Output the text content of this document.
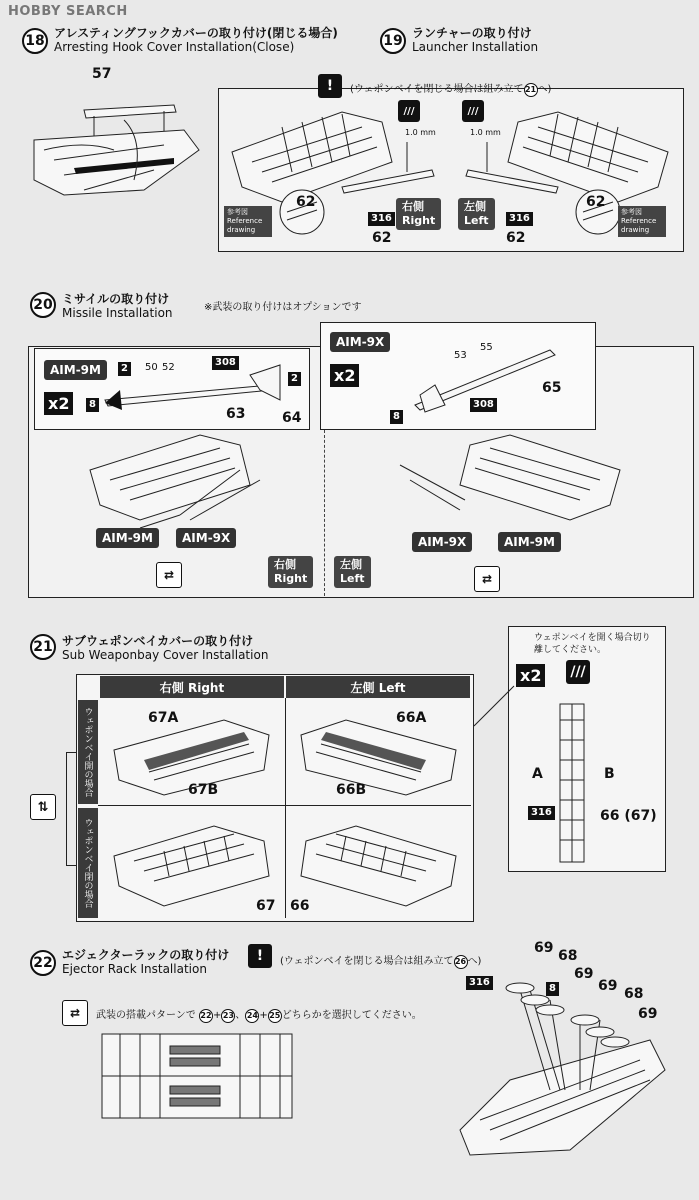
HOBBY SEARCH
18 アレスティングフックカバーの取り付け(閉じる場合)
Arresting Hook Cover Installation(Close)
57
19 ランチャーの取り付け
Launcher Installation
!	(ウェポンベイを閉じる場合は組み立て21へ)
///
1.0 mm
///
1.0 mm
62
316
62
右側
Right
左側
Left	316
62
62
参考図
Reference drawing
参考図
Reference drawing
20 ミサイルの取り付け
Missile Installation	※武装の取り付けはオプションです
AIM-9M
x2
2	50 52	308
2
8
63	64
AIM-9X
x2
53
55
65
308
8
AIM-9M	AIM-9X
⇄
右側
Right
左側
Left
AIM-9X	AIM-9M
⇄
21 サブウェポンベイカバーの取り付け
Sub Weaponbay Cover Installation
右側 Right	左側 Left
ウェポンベイ開の場合
ウェポンベイ閉の場合
67A
67B
66A
66B
67 66
⇅
ウェポンベイを開く場合切り離してください。
x2	///
A	B
316	66 (67)
22 エジェクターラックの取り付け
Ejector Rack Installation
!	(ウェポンベイを閉じる場合は組み立て26へ)
⇄	武装の搭載パターンで 22+23、24+25どちらかを選択してください。
69 68
69
69 68
69
316
8
